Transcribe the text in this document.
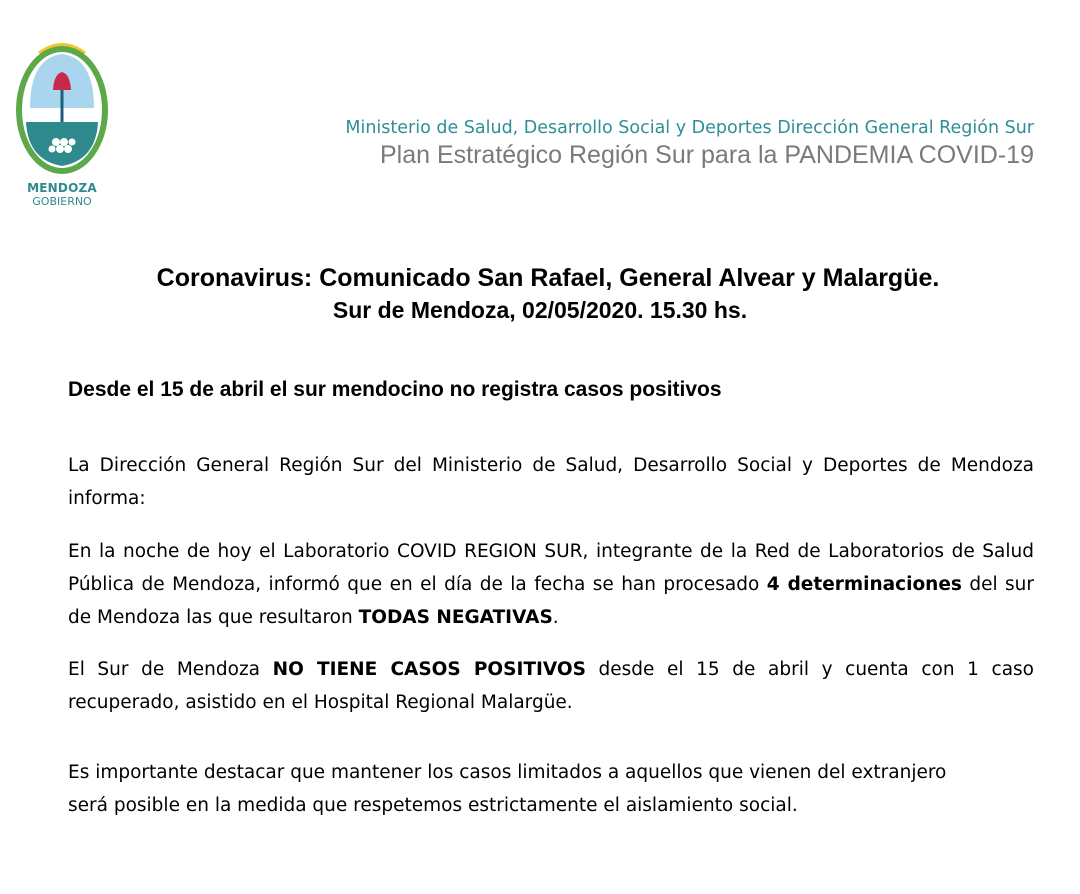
MENDOZA
GOBIERNO
Ministerio de Salud, Desarrollo Social y Deportes Dirección General Región Sur
Plan Estratégico Región Sur para la PANDEMIA COVID-19
Coronavirus: Comunicado San Rafael, General Alvear y Malargüe.
Sur de Mendoza, 02/05/2020. 15.30 hs.
Desde el 15 de abril el sur mendocino no registra casos positivos
La Dirección General Región Sur del Ministerio de Salud, Desarrollo Social y Deportes de Mendoza informa:
En la noche de hoy el Laboratorio COVID REGION SUR, integrante de la Red de Laboratorios de Salud Pública de Mendoza, informó que en el día de la fecha se han procesado 4 determinaciones del sur de Mendoza las que resultaron TODAS NEGATIVAS.
El Sur de Mendoza NO TIENE CASOS POSITIVOS desde el 15 de abril y cuenta con 1 caso recuperado, asistido en el Hospital Regional Malargüe.
Es importante destacar que mantener los casos limitados a aquellos que vienen del extranjero
será posible en la medida que respetemos estrictamente el aislamiento social.
